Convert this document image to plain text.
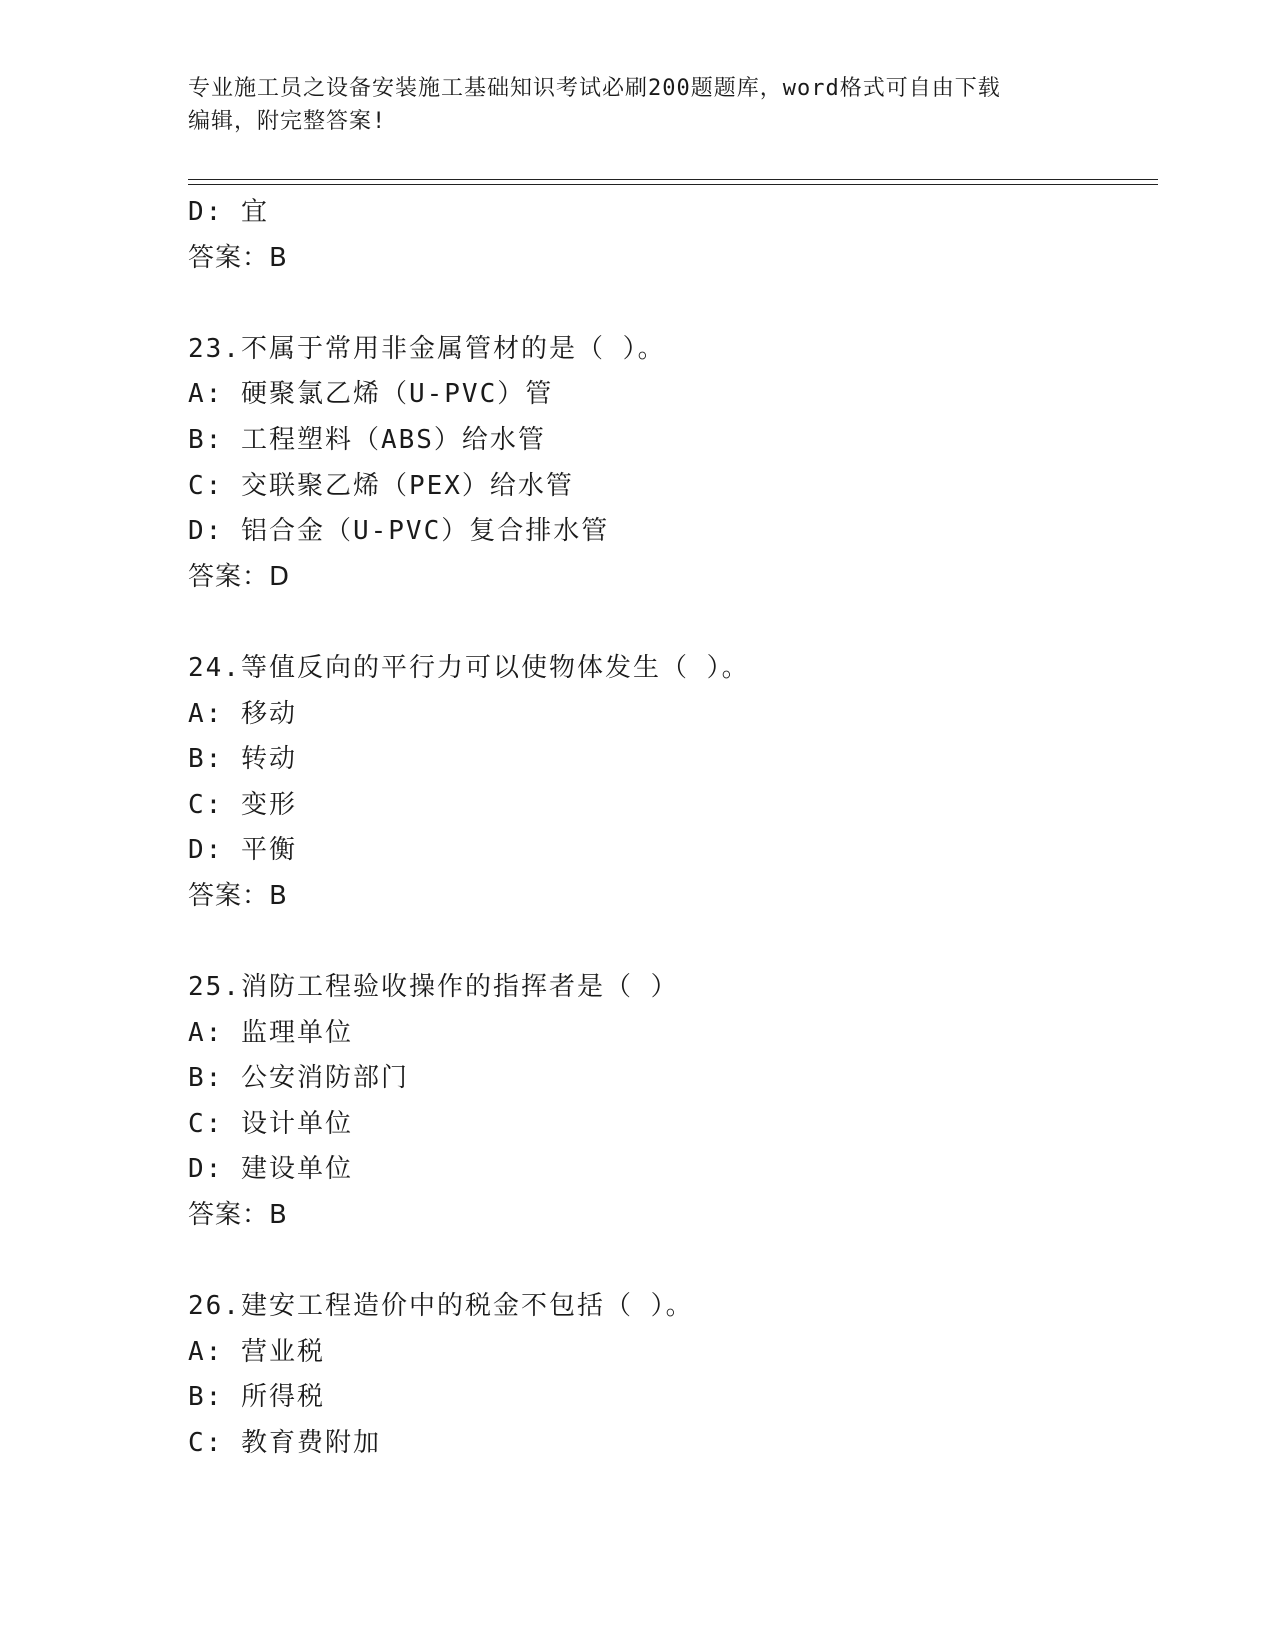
专业施工员之设备安装施工基础知识考试必刷200题题库，word格式可自由下载
编辑，附完整答案!
D: 宜
答案：B
23.不属于常用非金属管材的是（ ）。
A: 硬聚氯乙烯（U-PVC）管
B: 工程塑料（ABS）给水管
C: 交联聚乙烯（PEX）给水管
D: 铝合金（U-PVC）复合排水管
答案：D
24.等值反向的平行力可以使物体发生（ ）。
A: 移动
B: 转动
C: 变形
D: 平衡
答案：B
25.消防工程验收操作的指挥者是（ ）
A: 监理单位
B: 公安消防部门
C: 设计单位
D: 建设单位
答案：B
26.建安工程造价中的税金不包括（ ）。
A: 营业税
B: 所得税
C: 教育费附加
